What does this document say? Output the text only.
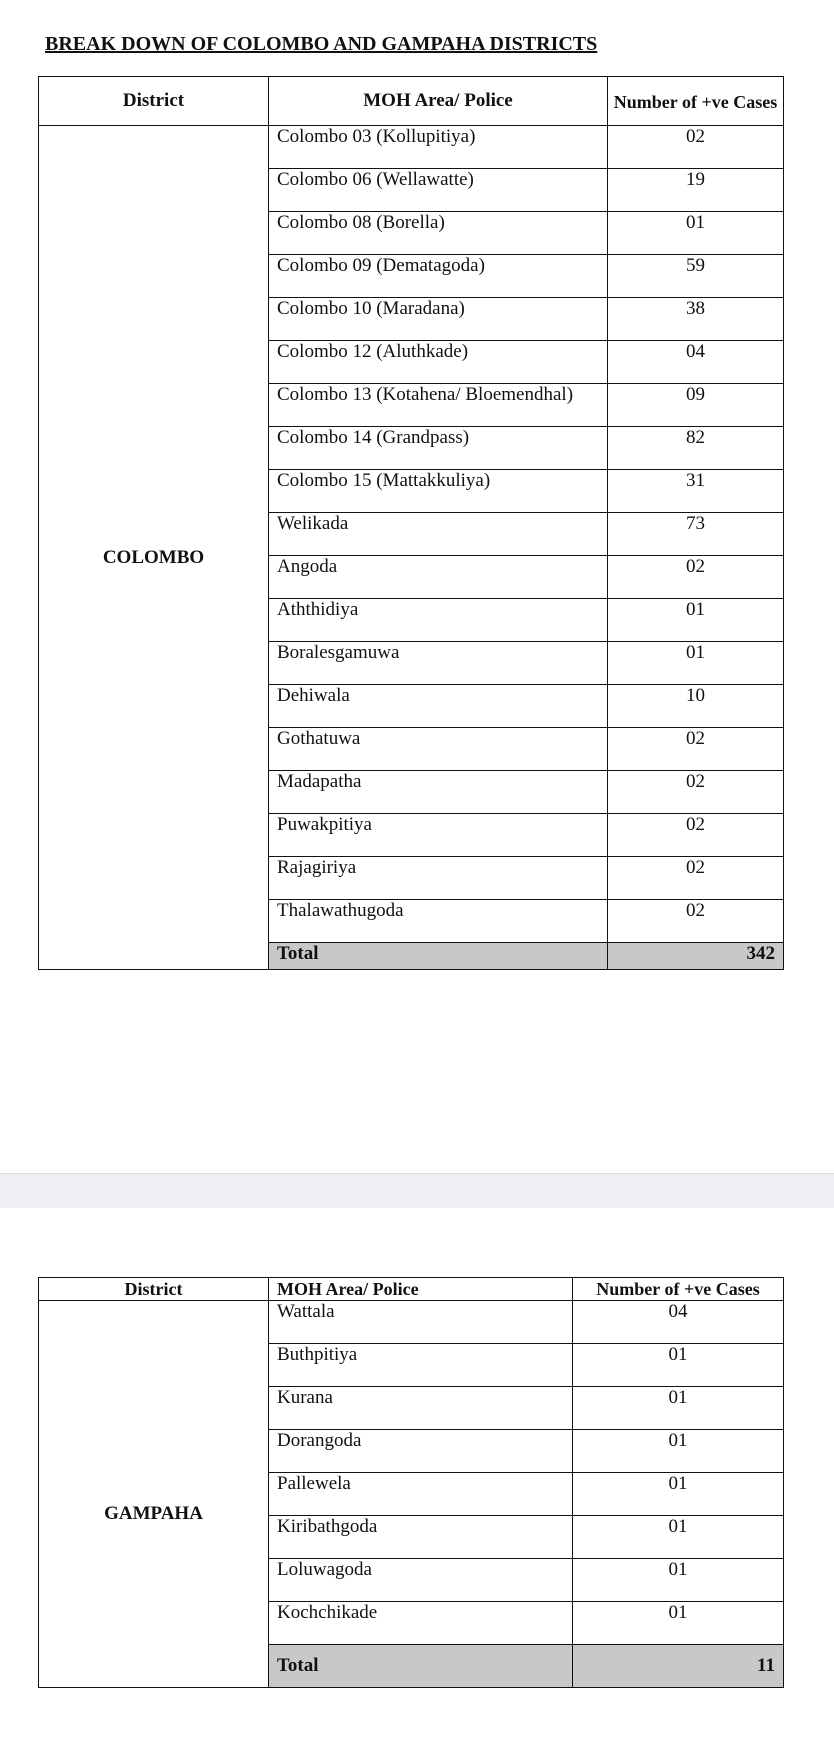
BREAK DOWN OF COLOMBO AND GAMPAHA DISTRICTS
District	MOH Area/ Police	Number of +ve Cases
COLOMBO	Colombo 03 (Kollupitiya)	02
	Colombo 06 (Wellawatte)	19
	Colombo 08 (Borella)	01
	Colombo 09 (Dematagoda)	59
	Colombo 10 (Maradana)	38
	Colombo 12 (Aluthkade)	04
	Colombo 13 (Kotahena/ Bloemendhal)	09
	Colombo 14 (Grandpass)	82
	Colombo 15 (Mattakkuliya)	31
	Welikada	73
	Angoda	02
	Aththidiya	01
	Boralesgamuwa	01
	Dehiwala	10
	Gothatuwa	02
	Madapatha	02
	Puwakpitiya	02
	Rajagiriya	02
	Thalawathugoda	02
	Total	342
District	MOH Area/ Police	Number of +ve Cases
GAMPAHA	Wattala	04
	Buthpitiya	01
	Kurana	01
	Dorangoda	01
	Pallewela	01
	Kiribathgoda	01
	Loluwagoda	01
	Kochchikade	01
	Total	11
